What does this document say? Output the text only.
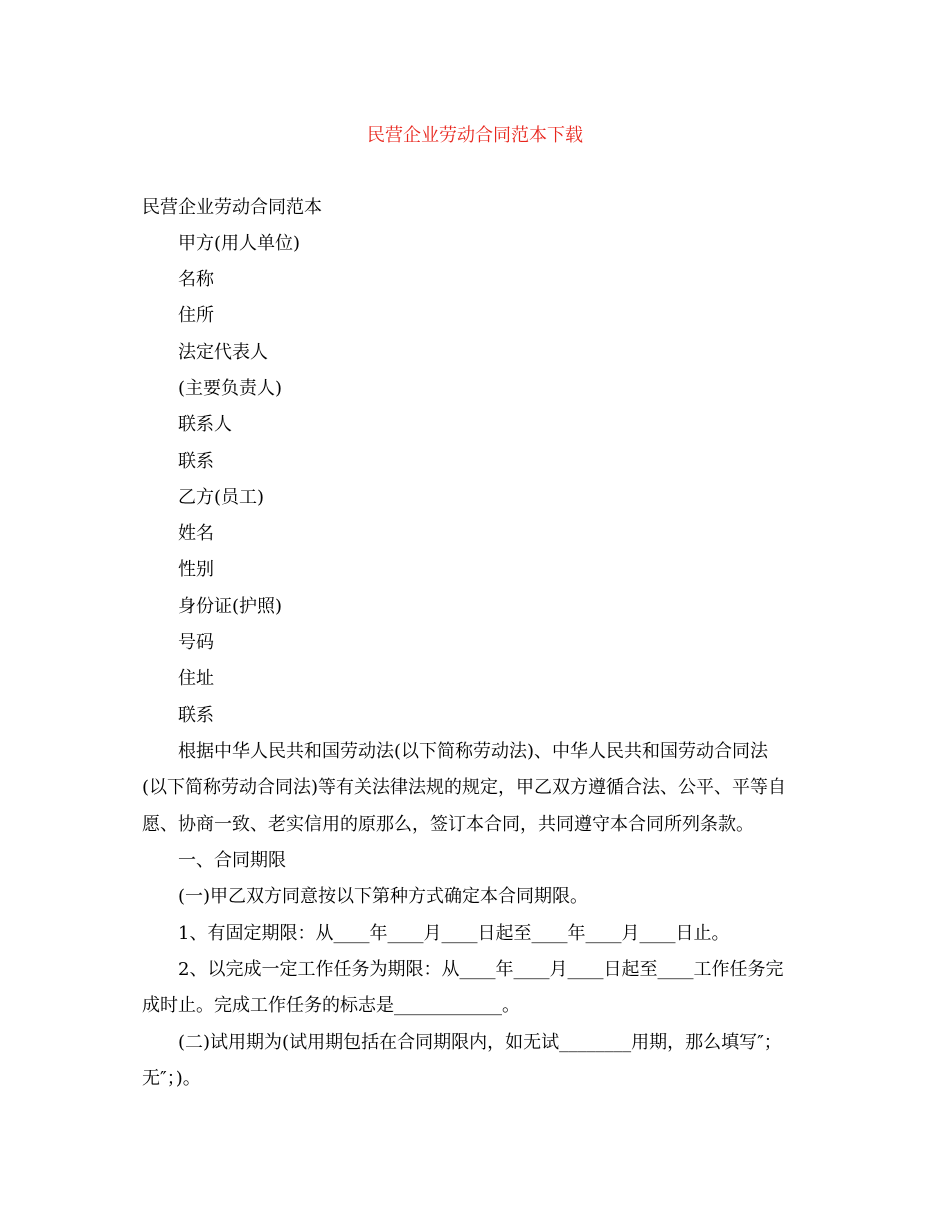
民营企业劳动合同范本下载
民营企业劳动合同范本
甲方(用人单位)
名称
住所
法定代表人
(主要负责人)
联系人
联系
乙方(员工)
姓名
性别
身份证(护照)
号码
住址
联系
根据中华人民共和国劳动法(以下简称劳动法)、中华人民共和国劳动合同法
(以下简称劳动合同法)等有关法律法规的规定，甲乙双方遵循合法、公平、平等自
愿、协商一致、老实信用的原那么，签订本合同，共同遵守本合同所列条款。
一、合同期限
(一)甲乙双方同意按以下第种方式确定本合同期限。
1、有固定期限：从____年____月____日起至____年____月____日止。
2、以完成一定工作任务为期限：从____年____月____日起至____工作任务完
成时止。完成工作任务的标志是____________。
(二)试用期为(试用期包括在合同期限内，如无试________用期，那么填写″；
无″；)。
